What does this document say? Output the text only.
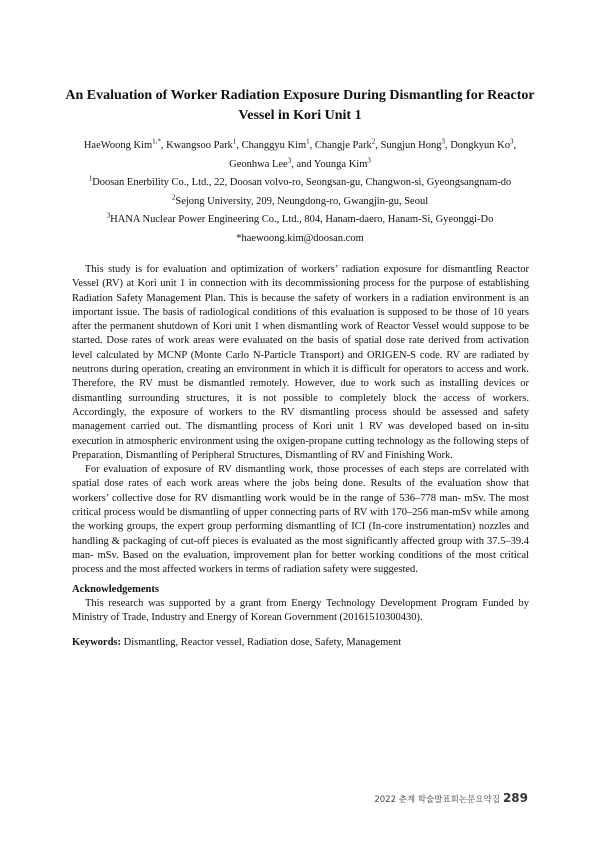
An Evaluation of Worker Radiation Exposure During Dismantling for Reactor
Vessel in Kori Unit 1
HaeWoong Kim$^{1,*}$, Kwangsoo Park$^1$, Changgyu Kim$^1$, Changje Park$^2$, Sungjun Hong$^3$, Dongkyun Ko$^3$,
Geonhwa Lee$^3$, and Younga Kim$^3$
$^1$Doosan Enerbility Co., Ltd., 22, Doosan volvo-ro, Seongsan-gu, Changwon-si, Gyeongsangnam-do
$^2$Sejong University, 209, Neungdong-ro, Gwangjin-gu, Seoul
$^3$HANA Nuclear Power Engineering Co., Ltd., 804, Hanam-daero, Hanam-Si, Gyeonggi-Do
*haewoong.kim@doosan.com

This study is for evaluation and optimization of workers’ radiation exposure for dismantling Reactor Vessel (RV) at Kori unit 1 in connection with its decommissioning process for the purpose of establishing Radiation Safety Management Plan. This is because the safety of workers in a radiation environment is an important issue. The basis of radiological conditions of this evaluation is supposed to be those of 10 years after the permanent shutdown of Kori unit 1 when dismantling work of Reactor Vessel would suppose to be started. Dose rates of work areas were evaluated on the basis of spatial dose rate derived from activation level calculated by MCNP (Monte Carlo N-Particle Transport) and ORIGEN-S code. RV are radiated by neutrons during operation, creating an environment in which it is difficult for operators to access and work. Therefore, the RV must be dismantled remotely. However, due to work such as installing devices or dismantling surrounding structures, it is not possible to completely block the access of workers. Accordingly, the exposure of workers to the RV dismantling process should be assessed and safety management carried out. The dismantling process of Kori unit 1 RV was developed based on in-situ execution in atmospheric environment using the oxigen-propane cutting technology as the following steps of Preparation, Dismantling of Peripheral Structures, Dismantling of RV and Finishing Work.

For evaluation of exposure of RV dismantling work, those processes of each steps are correlated with spatial dose rates of each work areas where the jobs being done. Results of the evaluation show that workers’ collective dose for RV dismantling work would be in the range of 536–778 man- mSv. The most critical process would be dismantling of upper connecting parts of RV with 170–256 man-mSv while among the working groups, the expert group performing dismantling of ICI (In-core instrumentation) nozzles and handling & packaging of cut-off pieces is evaluated as the most significantly affected group with 37.5–39.4 man- mSv. Based on the evaluation, improvement plan for better working conditions of the most critical process and the most affected workers in terms of radiation safety were suggested.

Acknowledgements
This research was supported by a grant from Energy Technology Development Program Funded by Ministry of Trade, Industry and Energy of Korean Government (20161510300430).
Keywords: Dismantling, Reactor vessel, Radiation dose, Safety, Management
2022 춘계 학술발표회논문요약집 289
